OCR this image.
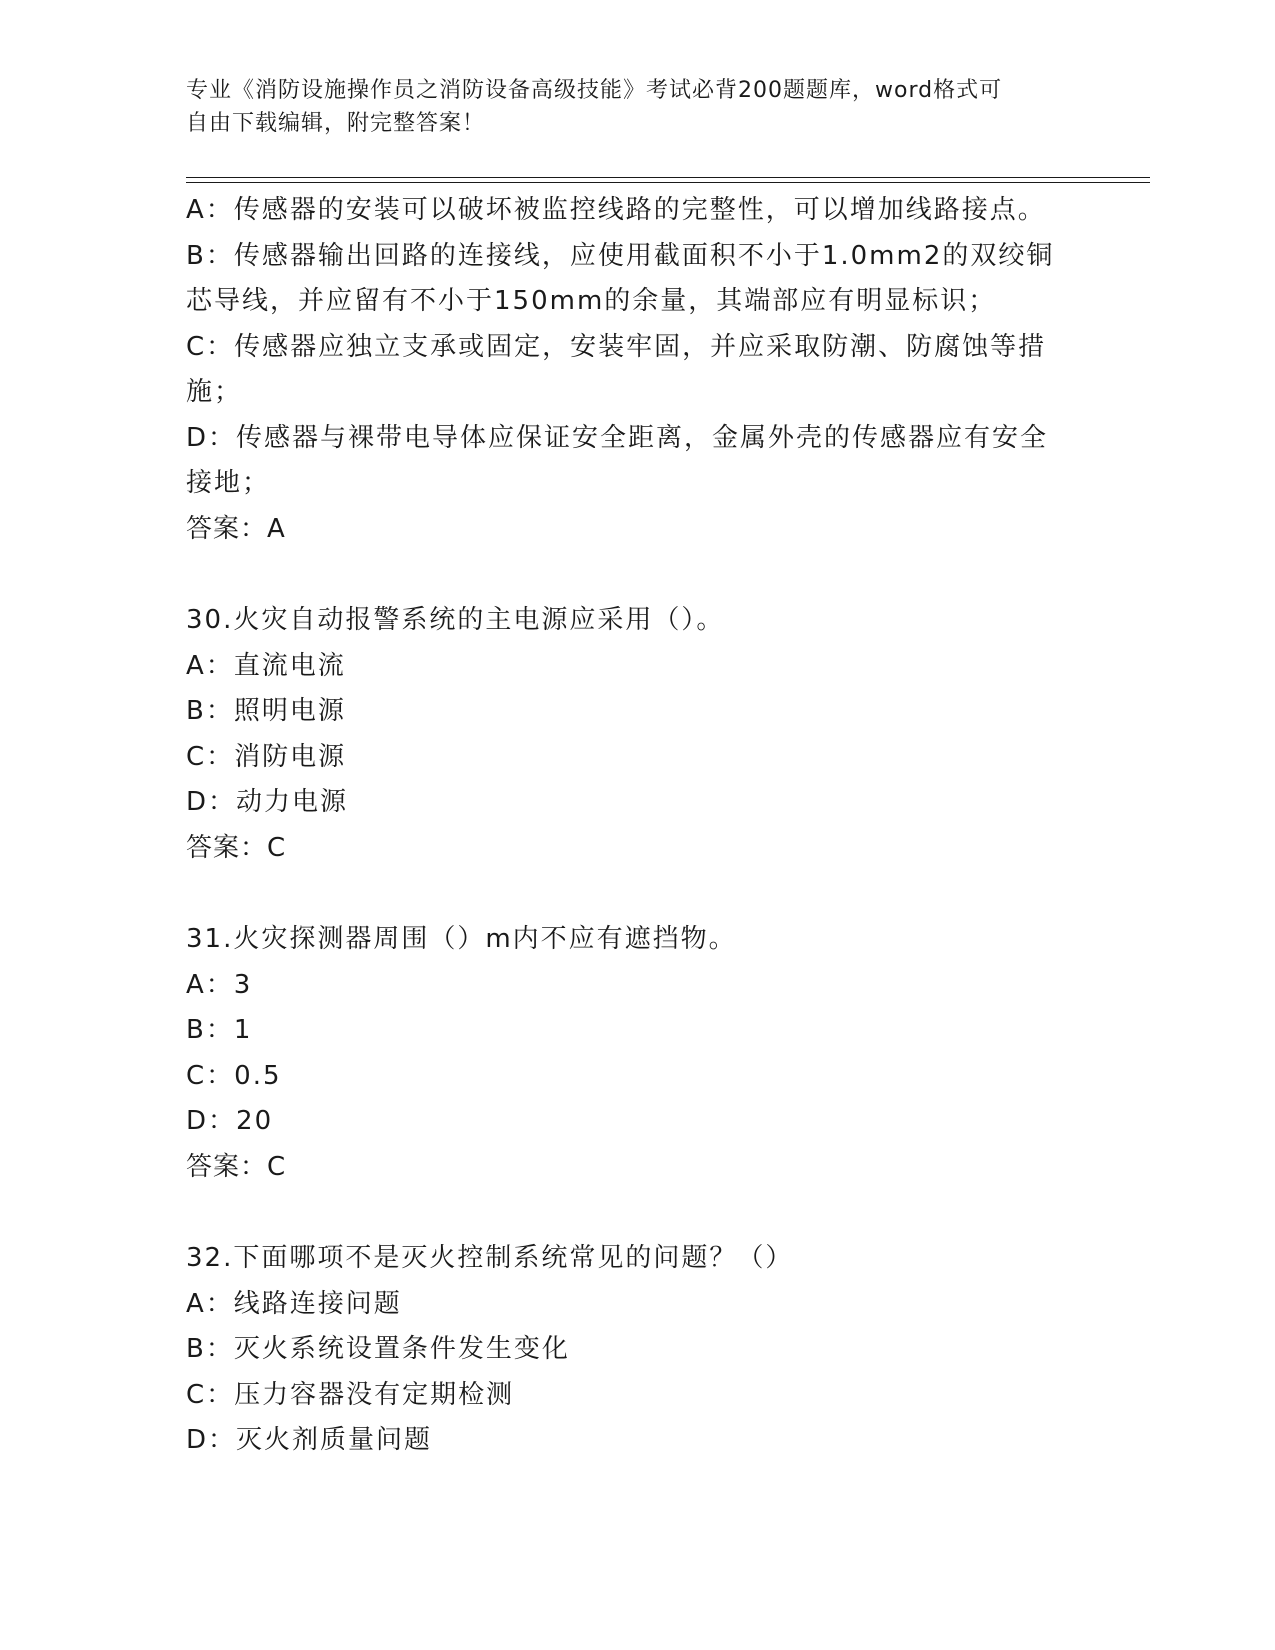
专业《消防设施操作员之消防设备高级技能》考试必背200题题库，word格式可
自由下载编辑，附完整答案！
A：传感器的安装可以破坏被监控线路的完整性，可以增加线路接点。
B：传感器输出回路的连接线，应使用截面积不小于1.0mm2的双绞铜
芯导线，并应留有不小于150mm的余量，其端部应有明显标识；
C：传感器应独立支承或固定，安装牢固，并应采取防潮、防腐蚀等措
施；
D：传感器与裸带电导体应保证安全距离，金属外壳的传感器应有安全
接地；
答案：A
30.火灾自动报警系统的主电源应采用（）。
A：直流电流
B：照明电源
C：消防电源
D：动力电源
答案：C
31.火灾探测器周围（）m内不应有遮挡物。
A：3
B：1
C：0.5
D：20
答案：C
32.下面哪项不是灭火控制系统常见的问题？（）
A：线路连接问题
B：灭火系统设置条件发生变化
C：压力容器没有定期检测
D：灭火剂质量问题
